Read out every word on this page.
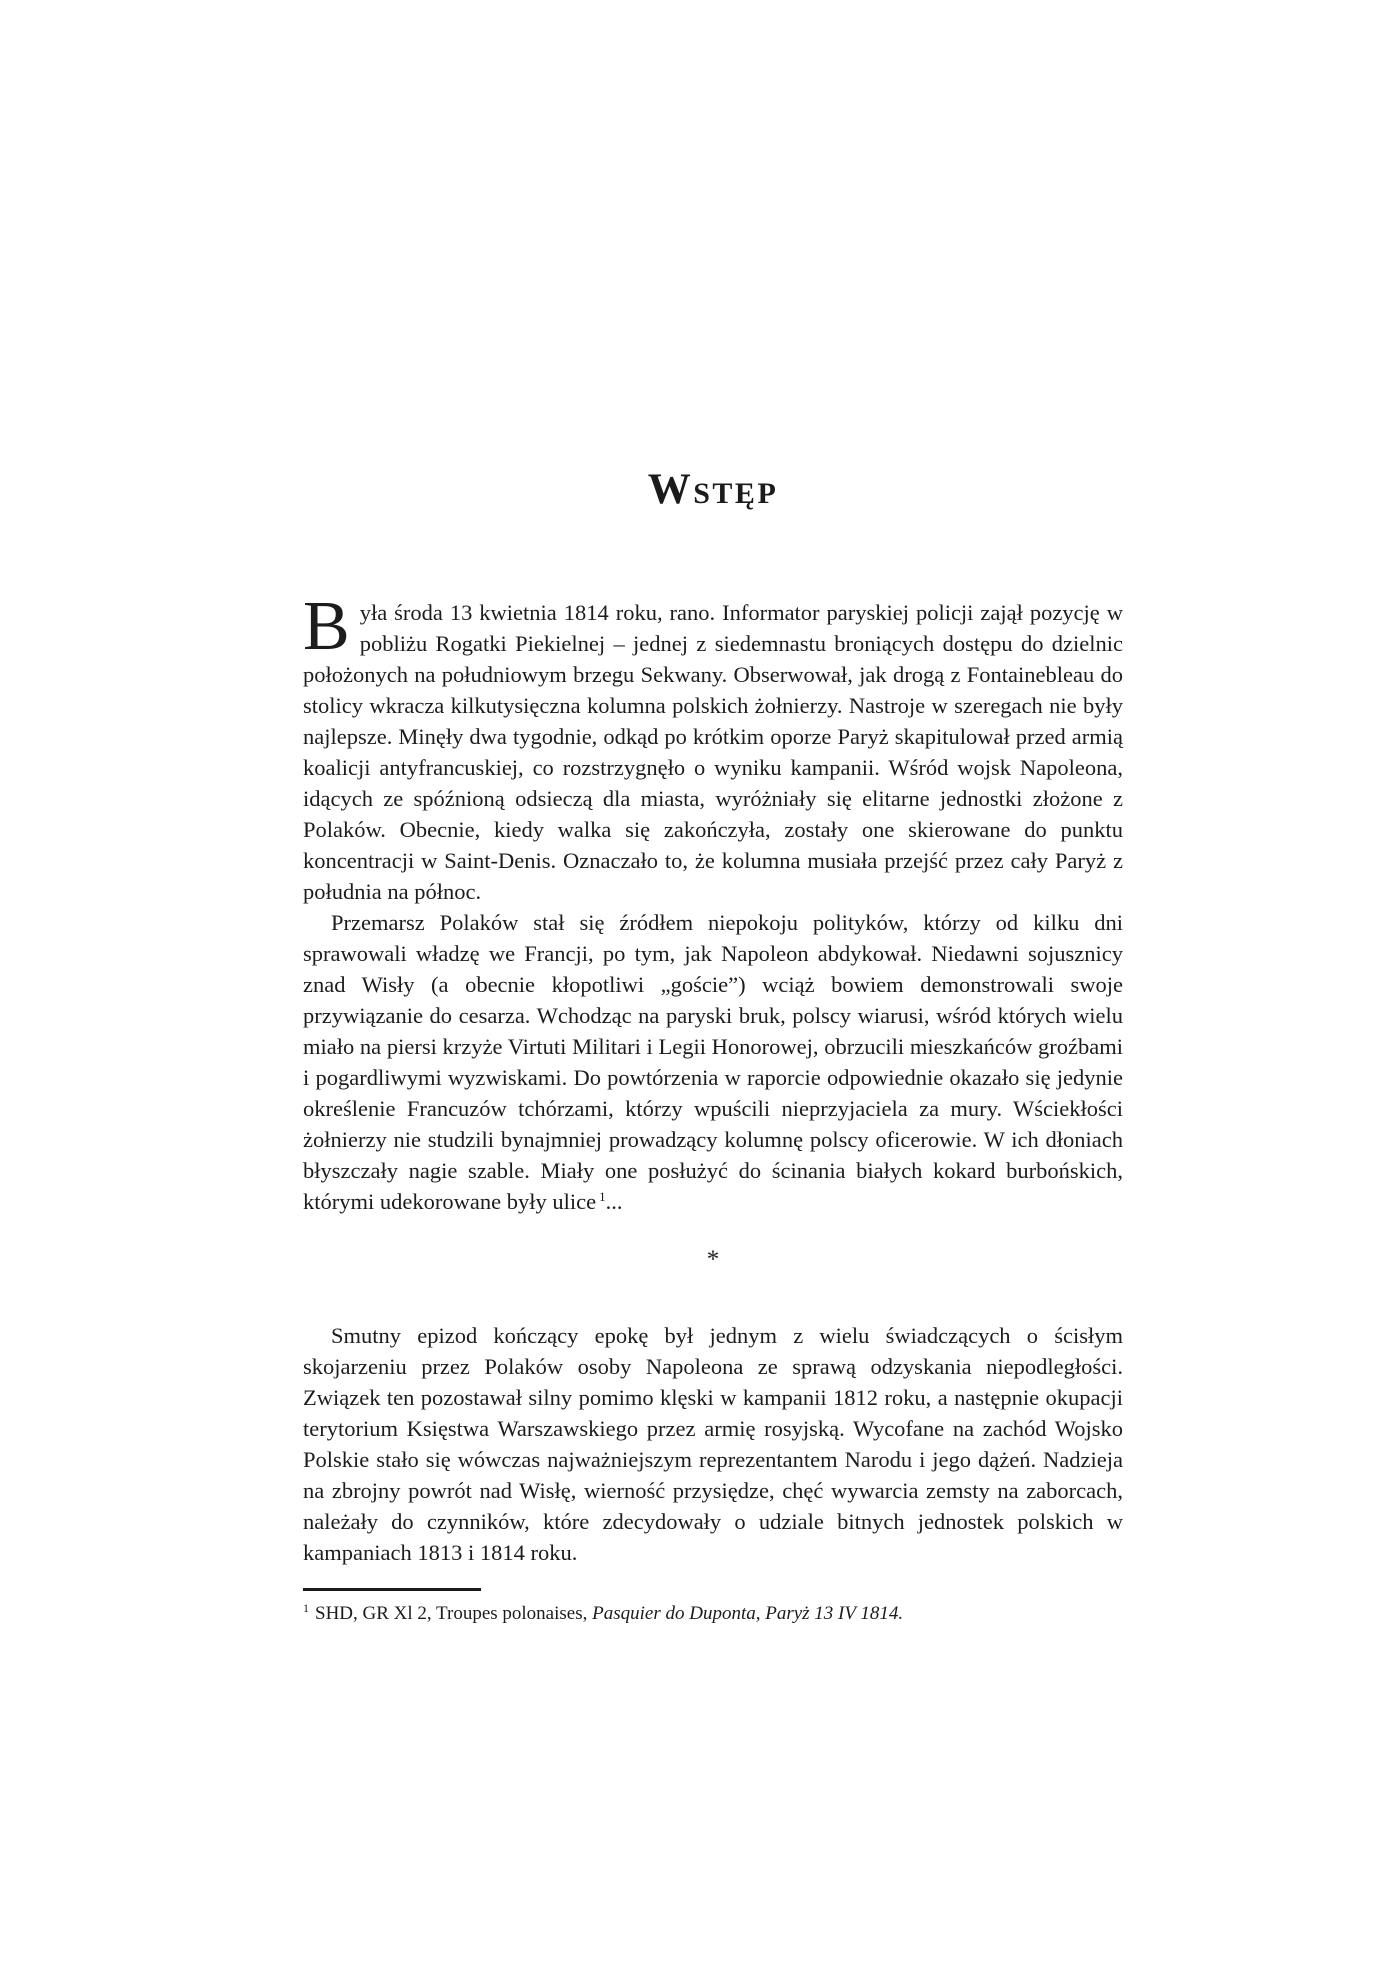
Wstęp

Była środa 13 kwietnia 1814 roku, rano. Informator paryskiej policji zajął pozycję w pobliżu Rogatki Piekielnej – jednej z siedemnastu broniących dostępu do dzielnic położonych na południowym brzegu Sekwany. Obserwował, jak drogą z Fontainebleau do stolicy wkracza kilkutysięczna kolumna polskich żołnierzy. Nastroje w szeregach nie były najlepsze. Minęły dwa tygodnie, odkąd po krótkim oporze Paryż skapitulował przed armią koalicji antyfrancuskiej, co rozstrzygnęło o wyniku kampanii. Wśród wojsk Napoleona, idących ze spóźnioną odsieczą dla miasta, wyróżniały się elitarne jednostki złożone z Polaków. Obecnie, kiedy walka się zakończyła, zostały one skierowane do punktu koncentracji w Saint-Denis. Oznaczało to, że kolumna musiała przejść przez cały Paryż z południa na północ.

Przemarsz Polaków stał się źródłem niepokoju polityków, którzy od kilku dni sprawowali władzę we Francji, po tym, jak Napoleon abdykował. Niedawni sojusznicy znad Wisły (a obecnie kłopotliwi „goście”) wciąż bowiem demonstrowali swoje przywiązanie do cesarza. Wchodząc na paryski bruk, polscy wiarusi, wśród których wielu miało na piersi krzyże Virtuti Militari i Legii Honorowej, obrzucili mieszkańców groźbami i pogardliwymi wyzwiskami. Do powtórzenia w raporcie odpowiednie okazało się jedynie określenie Francuzów tchórzami, którzy wpuścili nieprzyjaciela za mury. Wściekłości żołnierzy nie studzili bynajmniej prowadzący kolumnę polscy oficerowie. W ich dłoniach błyszczały nagie szable. Miały one posłużyć do ścinania białych kokard burbońskich, którymi udekorowane były ulice $^1$...

*

Smutny epizod kończący epokę był jednym z wielu świadczących o ścisłym skojarzeniu przez Polaków osoby Napoleona ze sprawą odzyskania niepodległości. Związek ten pozostawał silny pomimo klęski w kampanii 1812 roku, a następnie okupacji terytorium Księstwa Warszawskiego przez armię rosyjską. Wycofane na zachód Wojsko Polskie stało się wówczas najważniejszym reprezentantem Narodu i jego dążeń. Nadzieja na zbrojny powrót nad Wisłę, wierność przysiędze, chęć wywarcia zemsty na zaborcach, należały do czynników, które zdecydowały o udziale bitnych jednostek polskich w kampaniach 1813 i 1814 roku.

$^1$ SHD, GR Xl 2, Troupes polonaises, Pasquier do Duponta, Paryż 13 IV 1814.
